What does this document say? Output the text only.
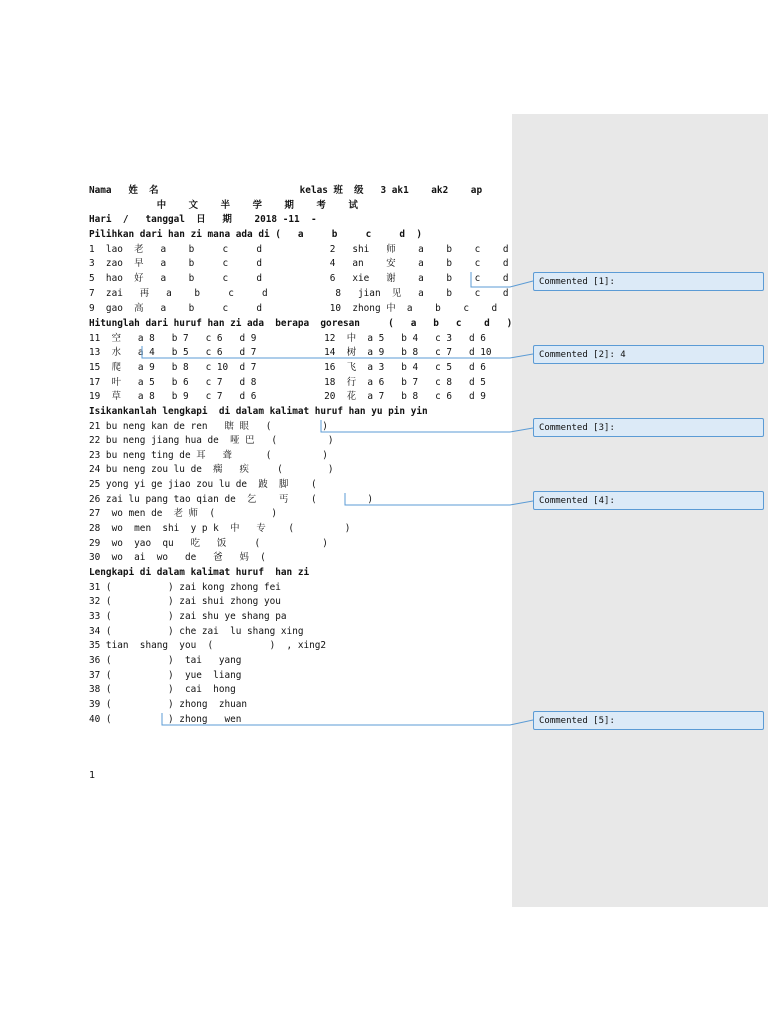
Nama   姓  名                         kelas 班  级   3 ak1    ak2    ap
中    文    半    学    期    考    试
Hari  /   tanggal  日   期    2018 -11  -
Pilihkan dari han zi mana ada di (   a     b     c     d  )
1  lao  老   a    b     c     d            2   shi   师    a    b    c    d
3  zao  早   a    b     c     d            4   an    安    a    b    c    d
5  hao  好   a    b     c     d            6   xie   谢    a    b    c    d
7  zai   再   a    b     c     d            8   jian  见   a    b    c    d
9  gao  高   a    b     c     d            10  zhong 中  a    b    c    d
Hitunglah dari huruf han zi ada  berapa  goresan     (   a   b   c    d   )
11  空   a 8   b 7   c 6   d 9            12  中  a 5   b 4   c 3   d 6
13  水   a 4   b 5   c 6   d 7            14  树  a 9   b 8   c 7   d 10
15  爬   a 9   b 8   c 10  d 7            16  飞  a 3   b 4   c 5   d 6
17  叶   a 5   b 6   c 7   d 8            18  行  a 6   b 7   c 8   d 5
19  草   a 8   b 9   c 7   d 6            20  花  a 7   b 8   c 6   d 9
Isikankanlah lengkapi  di dalam kalimat huruf han yu pin yin
21 bu neng kan de ren   瞎 眼   (         )
22 bu neng jiang hua de  哑 巴   (         )
23 bu neng ting de 耳   聋      (         )
24 bu neng zou lu de  瘸   疾     (        )
25 yong yi ge jiao zou lu de  跛  脚    (
26 zai lu pang tao qian de  乞    丐    (         )
27  wo men de  老 师  (          )
28  wo  men  shi  y p k  中   专    (         )
29  wo  yao  qu   吃   饭     (           )
30  wo  ai  wo   de   爸   妈  (
Lengkapi di dalam kalimat huruf  han zi
31 (          ) zai kong zhong fei
32 (          ) zai shui zhong you
33 (          ) zai shu ye shang pa
34 (          ) che zai  lu shang xing
35 tian  shang  you  (          )  , xing2
36 (          )  tai   yang
37 (          )  yue  liang
38 (          )  cai  hong
39 (          ) zhong  zhuan
40 (          ) zhong   wen
1
Commented [1]:
Commented [2]: 4
Commented [3]:
Commented [4]:
Commented [5]:
